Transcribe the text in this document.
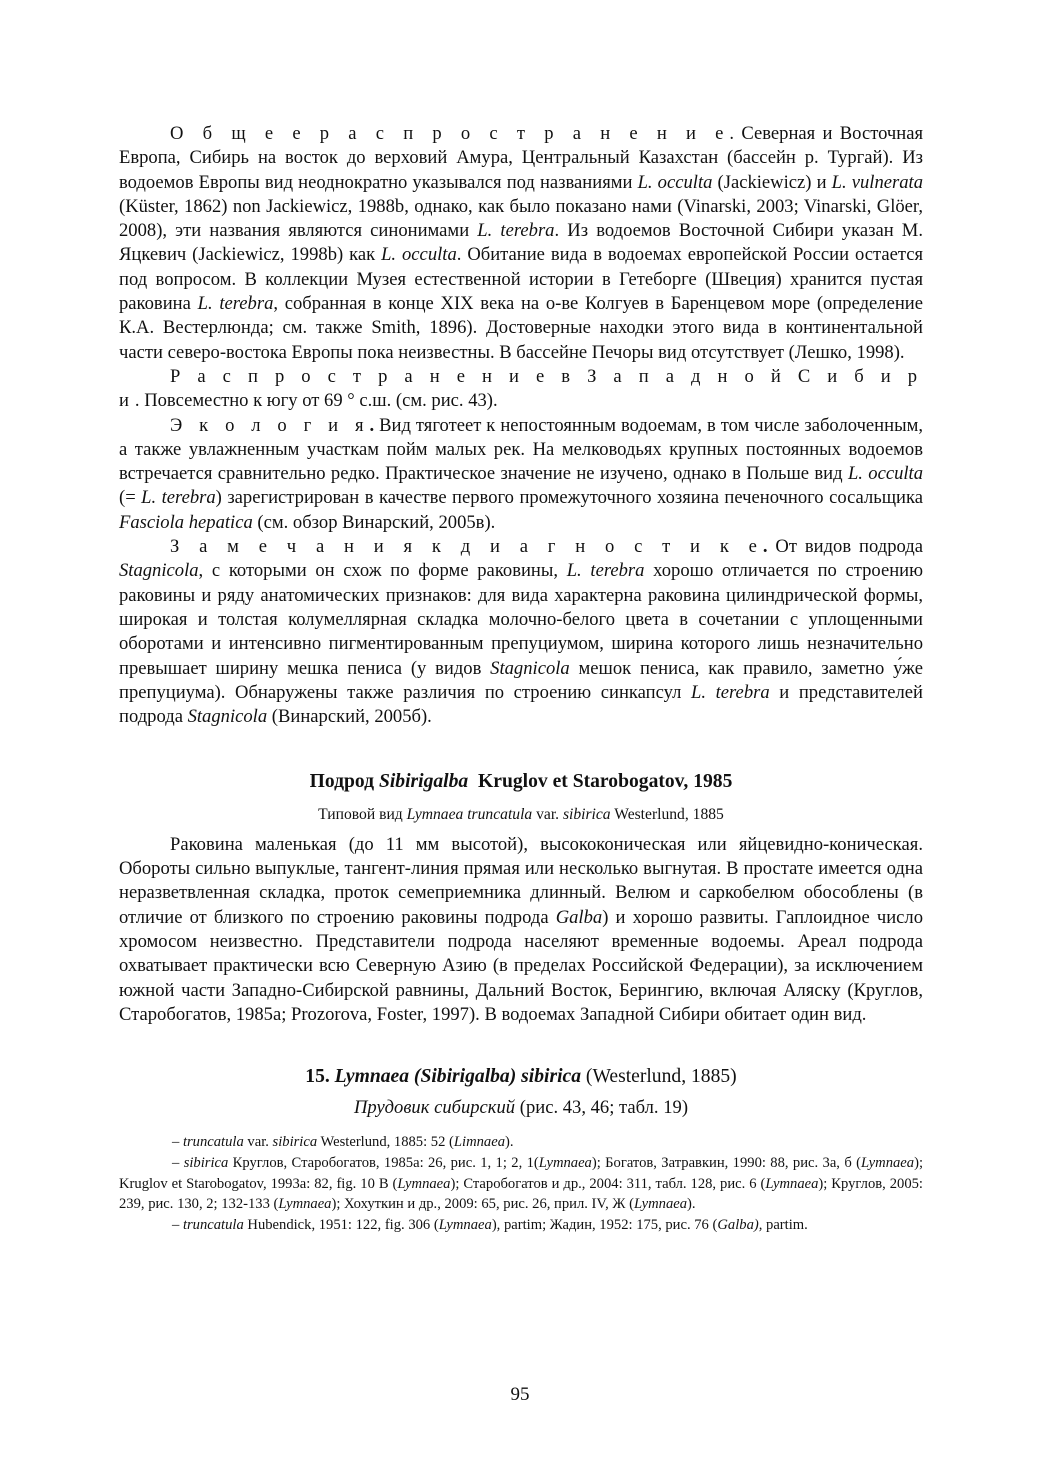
О б щ е е р а с п р о с т р а н е н и е. Северная и Восточная Европа, Сибирь на восток до верховий Амура, Центральный Казахстан (бассейн р. Тургай). Из водоемов Европы вид неоднократно указывался под названиями L. occulta (Jackiewicz) и L. vulnerata (Küster, 1862) non Jackiewicz, 1988b, однако, как было показано нами (Vinarski, 2003; Vinarski, Glöer, 2008), эти названия являются синонимами L. terebra. Из водоемов Восточной Сибири указан М. Яцкевич (Jackiewicz, 1998b) как L. occulta. Обитание вида в водоемах европейской России остается под вопросом. В коллекции Музея естественной истории в Гетеборге (Швеция) хранится пустая раковина L. terebra, собранная в конце XIX века на о-ве Колгуев в Баренцевом море (определение К.А. Вестерлюнда; см. также Smith, 1896). Достоверные находки этого вида в континентальной части северо-востока Европы пока неизвестны. В бассейне Печоры вид отсутствует (Лешко, 1998).

Р а с п р о с т р а н е н и е в З а п а д н о й С и б и р и. Повсеместно к югу от 69 ° с.ш. (см. рис. 43).

Э к о л о г и я. Вид тяготеет к непостоянным водоемам, в том числе заболоченным, а также увлажненным участкам пойм малых рек. На мелководьях крупных постоянных водоемов встречается сравнительно редко. Практическое значение не изучено, однако в Польше вид L. occulta (= L. terebra) зарегистрирован в качестве первого промежуточного хозяина печеночного сосальщика Fasciola hepatica (см. обзор Винарский, 2005в).

З а м е ч а н и я к д и а г н о с т и к е. От видов подрода Stagnicola, с которыми он схож по форме раковины, L. terebra хорошо отличается по строению раковины и ряду анатомических признаков: для вида характерна раковина цилиндрической формы, широкая и толстая колумеллярная складка молочно-белого цвета в сочетании с уплощенными оборотами и интенсивно пигментированным препуциумом, ширина которого лишь незначительно превышает ширину мешка пениса (у видов Stagnicola мешок пениса, как правило, заметно у́же препуциума). Обнаружены также различия по строению синкапсул L. terebra и представителей подрода Stagnicola (Винарский, 2005б).

Подрод Sibirigalba  Kruglov et Starobogatov, 1985
Типовой вид Lymnaea truncatula var. sibirica Westerlund, 1885

Раковина маленькая (до 11 мм высотой), высококоническая или яйцевидно-коническая. Обороты сильно выпуклые, тангент-линия прямая или несколько выгнутая. В простате имеется одна неразветвленная складка, проток семеприемника длинный. Велюм и саркобелюм обособлены (в отличие от близкого по строению раковины подрода Galba) и хорошо развиты. Гаплоидное число хромосом неизвестно. Представители подрода населяют временные водоемы. Ареал подрода охватывает практически всю Северную Азию (в пределах Российской Федерации), за исключением южной части Западно-Сибирской равнины, Дальний Восток, Берингию, включая Аляску (Круглов, Старобогатов, 1985а; Prozorova, Foster, 1997). В водоемах Западной Сибири обитает один вид.

15. Lymnaea (Sibirigalba) sibirica (Westerlund, 1885)
Прудовик сибирский (рис. 43, 46; табл. 19)

– truncatula var. sibirica Westerlund, 1885: 52 (Limnaea).

– sibirica Круглов, Старобогатов, 1985а: 26, рис. 1, 1; 2, 1(Lymnaea); Богатов, Затравкин, 1990: 88, рис. 3а, б (Lymnaea); Kruglov et Starobogatov, 1993а: 82, fig. 10 В (Lymnaea); Старобогатов и др., 2004: 311, табл. 128, рис. 6 (Lymnaea); Круглов, 2005: 239, рис. 130, 2; 132-133 (Lymnaea); Хохуткин и др., 2009: 65, рис. 26, прил. IV, Ж (Lymnaea).

– truncatula Hubendick, 1951: 122, fig. 306 (Lymnaea), partim; Жадин, 1952: 175, рис. 76 (Galba), partim.

95
